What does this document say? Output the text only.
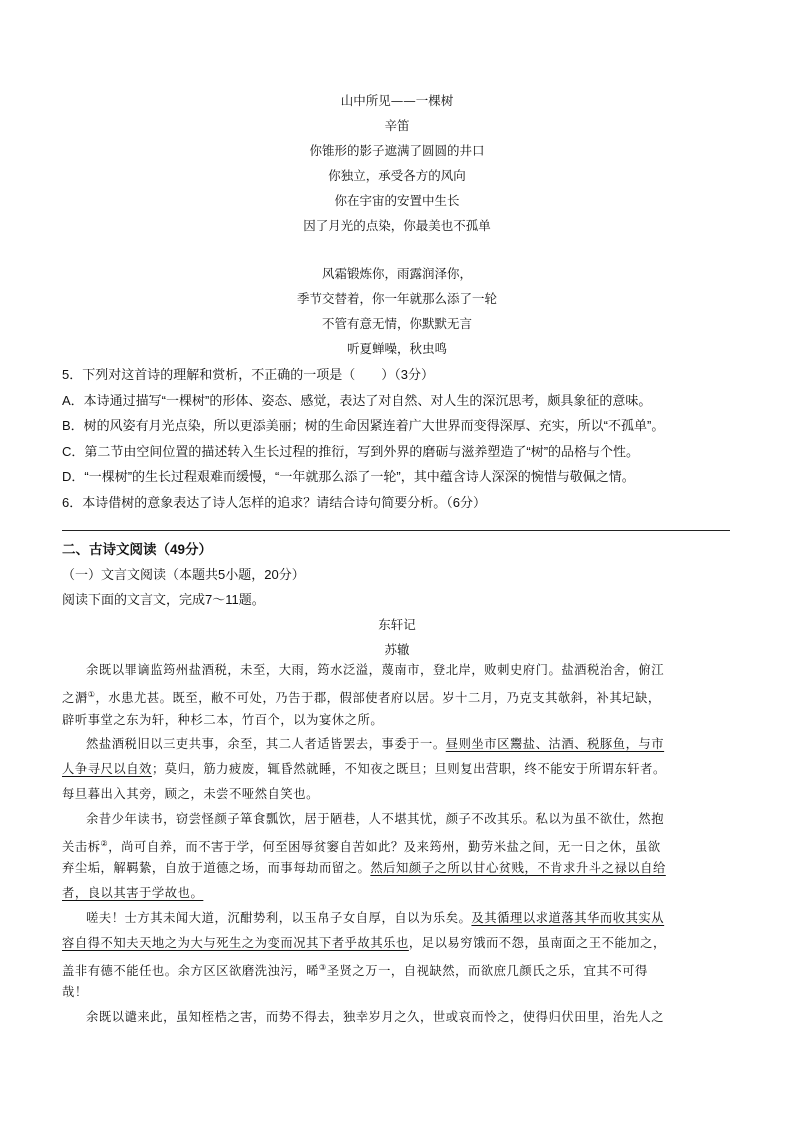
山中所见——一棵树
辛笛
你锥形的影子遮满了圆圆的井口
你独立，承受各方的风向
你在宇宙的安置中生长
因了月光的点染，你最美也不孤单
风霜锻炼你，雨露润泽你，
季节交替着，你一年就那么添了一轮
不管有意无情，你默默无言
听夏蝉噪，秋虫鸣
5．下列对这首诗的理解和赏析，不正确的一项是（　　）（3分）
A．本诗通过描写“一棵树”的形体、姿态、感觉，表达了对自然、对人生的深沉思考，颇具象征的意味。
B．树的风姿有月光点染，所以更添美丽；树的生命因紧连着广大世界而变得深厚、充实，所以“不孤单”。
C．第二节由空间位置的描述转入生长过程的推衍，写到外界的磨砺与滋养塑造了“树”的品格与个性。
D．“一棵树”的生长过程艰难而缓慢，“一年就那么添了一轮”，其中蕴含诗人深深的惋惜与敬佩之情。
6．本诗借树的意象表达了诗人怎样的追求？请结合诗句简要分析。（6分）
二、古诗文阅读（49分）
（一）文言文阅读（本题共5小题，20分）
阅读下面的文言文，完成7～11题。
东轩记
苏辙
余既以罪谪监筠州盐酒税，未至，大雨，筠水泛溢，蔑南市，登北岸，败刺史府门。盐酒税治舍，俯江
之漘①，水患尤甚。既至，敝不可处，乃告于郡，假部使者府以居。岁十二月，乃克支其欹斜，补其圮缺，
辟听事堂之东为轩，种杉二本，竹百个，以为宴休之所。
然盐酒税旧以三吏共事，余至，其二人者适皆罢去，事委于一。昼则坐市区鬻盐、沽酒、税豚鱼，与市
人争寻尺以自效；莫归，筋力疲废，辄昏然就睡，不知夜之既旦；旦则复出营职，终不能安于所谓东轩者。
每旦暮出入其旁，顾之，未尝不哑然自笑也。
余昔少年读书，窃尝怪颜子箪食瓢饮，居于陋巷，人不堪其忧，颜子不改其乐。私以为虽不欲仕，然抱
关击柝②，尚可自养，而不害于学，何至困辱贫窭自苦如此？及来筠州，勤劳米盐之间，无一日之休，虽欲
弃尘垢，解羁絷，自放于道德之场，而事每劫而留之。然后知颜子之所以甘心贫贱，不肯求升斗之禄以自给
者，良以其害于学故也。
嗟夫！士方其未闻大道，沉酣势利，以玉帛子女自厚，自以为乐矣。及其循理以求道落其华而收其实从
容自得不知夫天地之为大与死生之为变而况其下者乎故其乐也，足以易穷饿而不怨，虽南面之王不能加之，
盖非有德不能任也。余方区区欲磨洗浊污，晞③圣贤之万一，自视缺然，而欲庶几颜氏之乐，宜其不可得
哉！
余既以谴来此，虽知桎梏之害，而势不得去，独幸岁月之久，世或哀而怜之，使得归伏田里，治先人之
